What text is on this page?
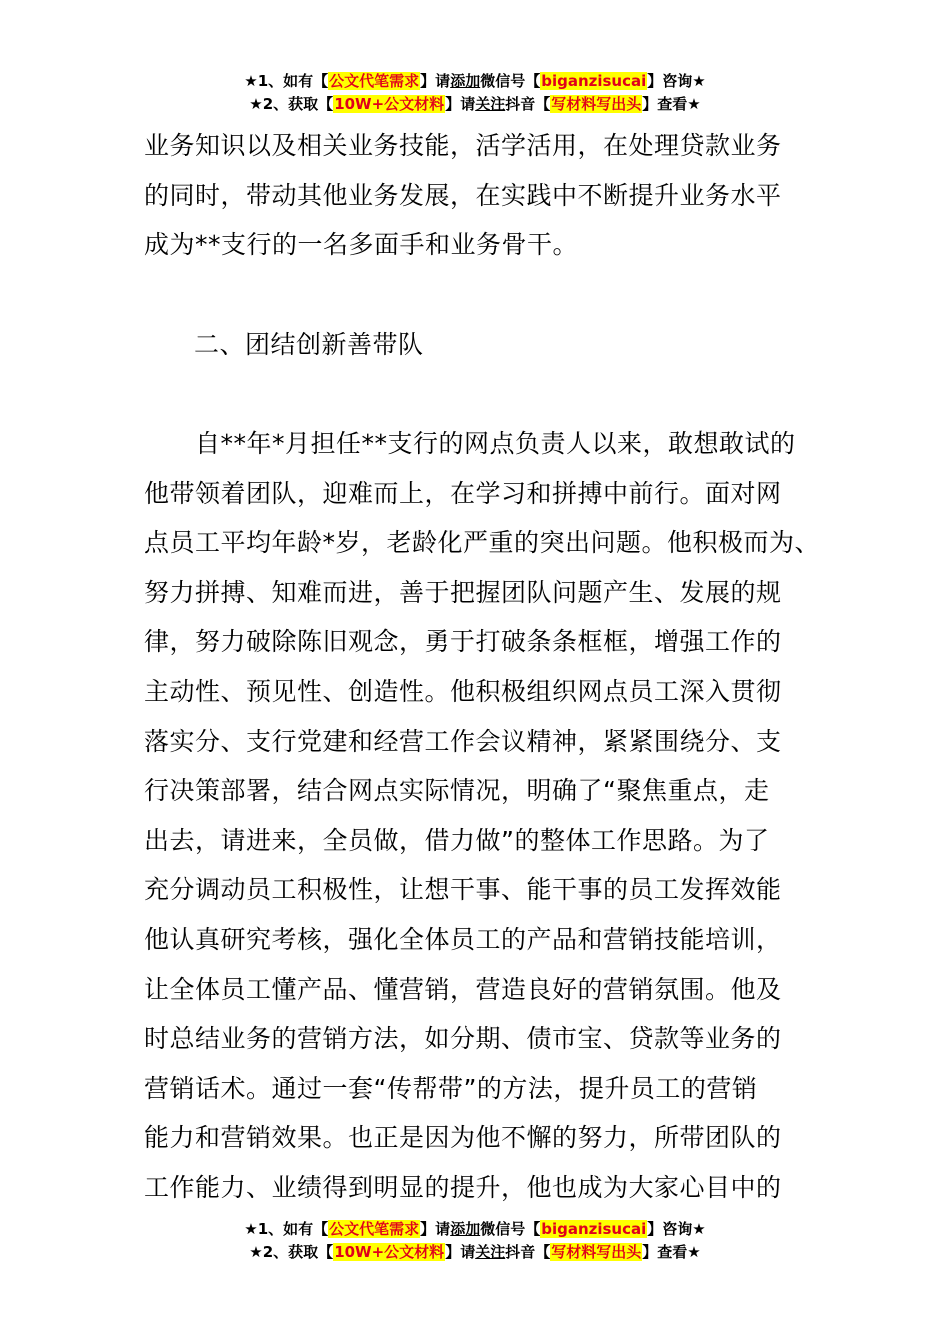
★1、如有【公文代笔需求】请添加微信号【biganzisucai】咨询★
★2、获取【10W+公文材料】请关注抖音【写材料写出头】查看★
业务知识以及相关业务技能，活学活用，在处理贷款业务
的同时，带动其他业务发展，在实践中不断提升业务水平
成为**支行的一名多面手和业务骨干。
二、团结创新善带队
　　自**年*月担任**支行的网点负责人以来，敢想敢试的
他带领着团队，迎难而上，在学习和拼搏中前行。面对网
点员工平均年龄*岁，老龄化严重的突出问题。他积极而为、
努力拼搏、知难而进，善于把握团队问题产生、发展的规
律，努力破除陈旧观念，勇于打破条条框框，增强工作的
主动性、预见性、创造性。他积极组织网点员工深入贯彻
落实分、支行党建和经营工作会议精神，紧紧围绕分、支
行决策部署，结合网点实际情况，明确了“聚焦重点，走
出去，请进来，全员做，借力做”的整体工作思路。为了
充分调动员工积极性，让想干事、能干事的员工发挥效能
他认真研究考核，强化全体员工的产品和营销技能培训，
让全体员工懂产品、懂营销，营造良好的营销氛围。他及
时总结业务的营销方法，如分期、债市宝、贷款等业务的
营销话术。通过一套“传帮带”的方法，提升员工的营销
能力和营销效果。也正是因为他不懈的努力，所带团队的
工作能力、业绩得到明显的提升，他也成为大家心目中的
★1、如有【公文代笔需求】请添加微信号【biganzisucai】咨询★
★2、获取【10W+公文材料】请关注抖音【写材料写出头】查看★
